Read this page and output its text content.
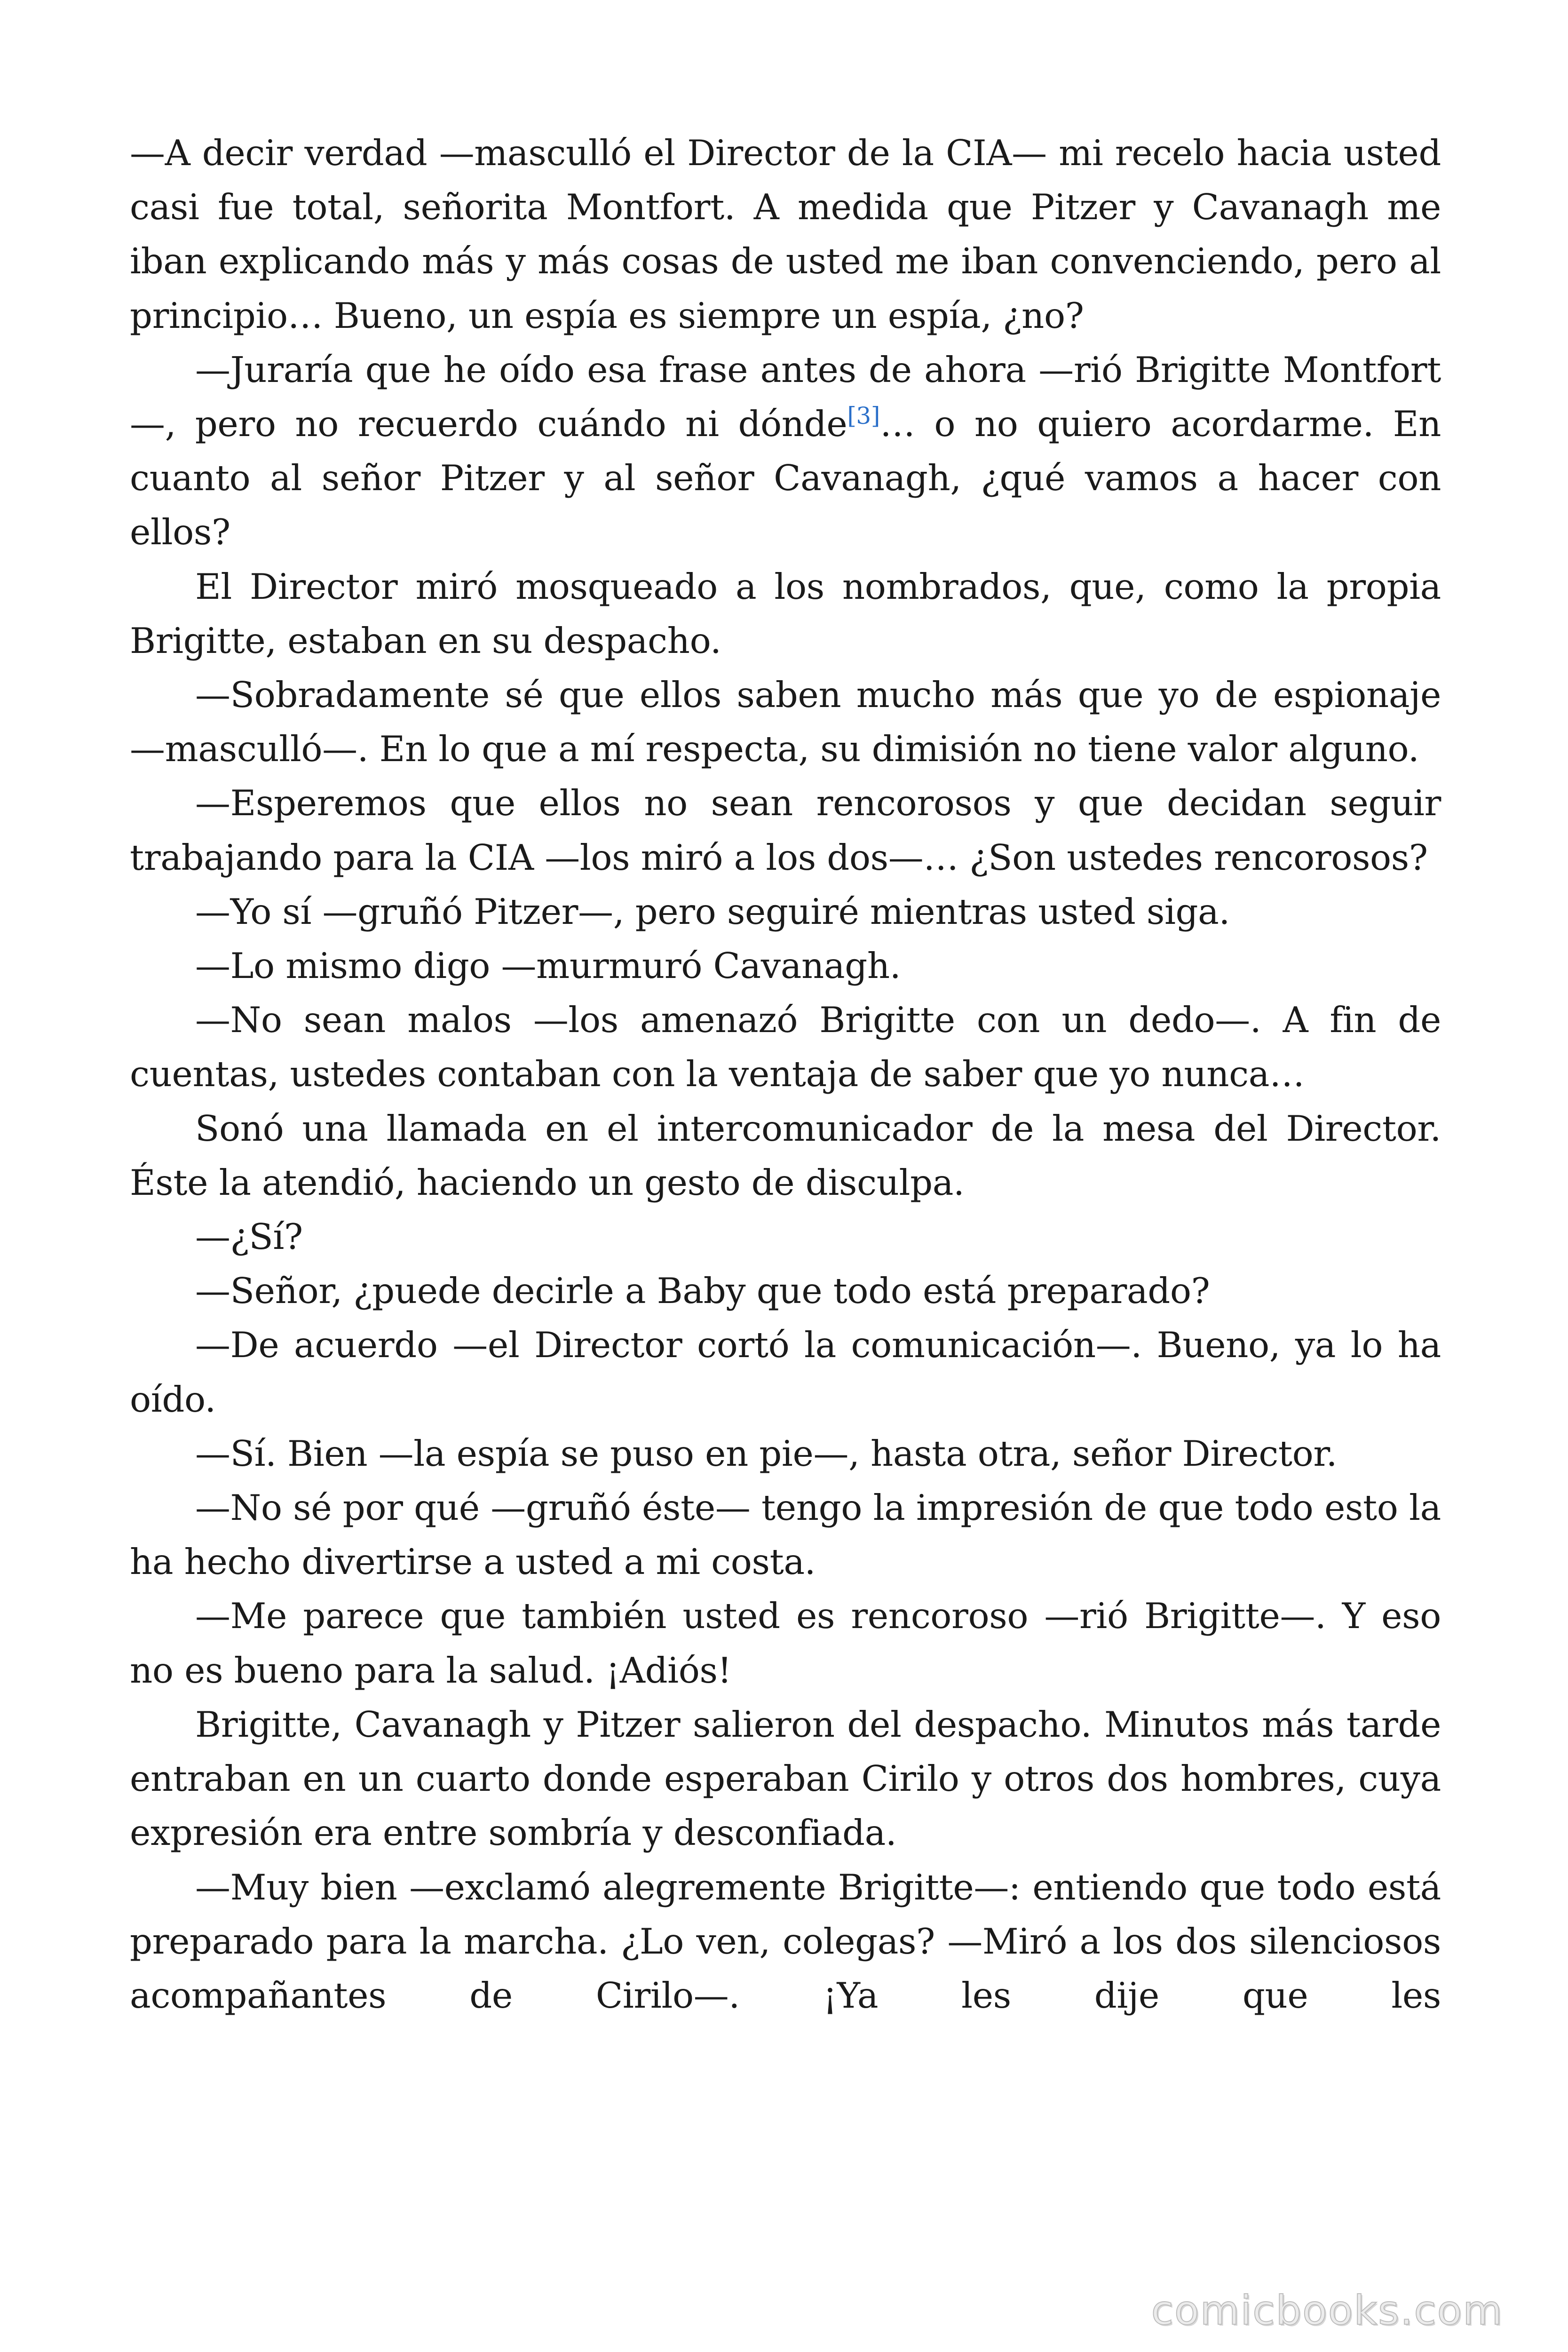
—A decir verdad —masculló el Director de la CIA— mi recelo hacia usted casi fue total, señorita Montfort. A medida que Pitzer y Cavanagh me iban explicando más y más cosas de usted me iban convenciendo, pero al principio… Bueno, un espía es siempre un espía, ¿no?

—Juraría que he oído esa frase antes de ahora —rió Brigitte Montfort—, pero no recuerdo cuándo ni dónde[3]… o no quiero acordarme. En cuanto al señor Pitzer y al señor Cavanagh, ¿qué vamos a hacer con ellos?

El Director miró mosqueado a los nombrados, que, como la propia Brigitte, estaban en su despacho.

—Sobradamente sé que ellos saben mucho más que yo de espionaje —masculló—. En lo que a mí respecta, su dimisión no tiene valor alguno.

—Esperemos que ellos no sean rencorosos y que decidan seguir trabajando para la CIA —los miró a los dos—… ¿Son ustedes rencorosos?

—Yo sí —gruñó Pitzer—, pero seguiré mientras usted siga.

—Lo mismo digo —murmuró Cavanagh.

—No sean malos —los amenazó Brigitte con un dedo—. A fin de cuentas, ustedes contaban con la ventaja de saber que yo nunca…

Sonó una llamada en el intercomunicador de la mesa del Director. Éste la atendió, haciendo un gesto de disculpa.

—¿Sí?

—Señor, ¿puede decirle a Baby que todo está preparado?

—De acuerdo —el Director cortó la comunicación—. Bueno, ya lo ha oído.

—Sí. Bien —la espía se puso en pie—, hasta otra, señor Director.

—No sé por qué —gruñó éste— tengo la impresión de que todo esto la ha hecho divertirse a usted a mi costa.

—Me parece que también usted es rencoroso —rió Brigitte—. Y eso no es bueno para la salud. ¡Adiós!

Brigitte, Cavanagh y Pitzer salieron del despacho. Minutos más tarde entraban en un cuarto donde esperaban Cirilo y otros dos hombres, cuya expresión era entre sombría y desconfiada.

—Muy bien —exclamó alegremente Brigitte—: entiendo que todo está preparado para la marcha. ¿Lo ven, colegas? —Miró a los dos silenciosos acompañantes de Cirilo—. ¡Ya les dije que les

comicbooks.com
